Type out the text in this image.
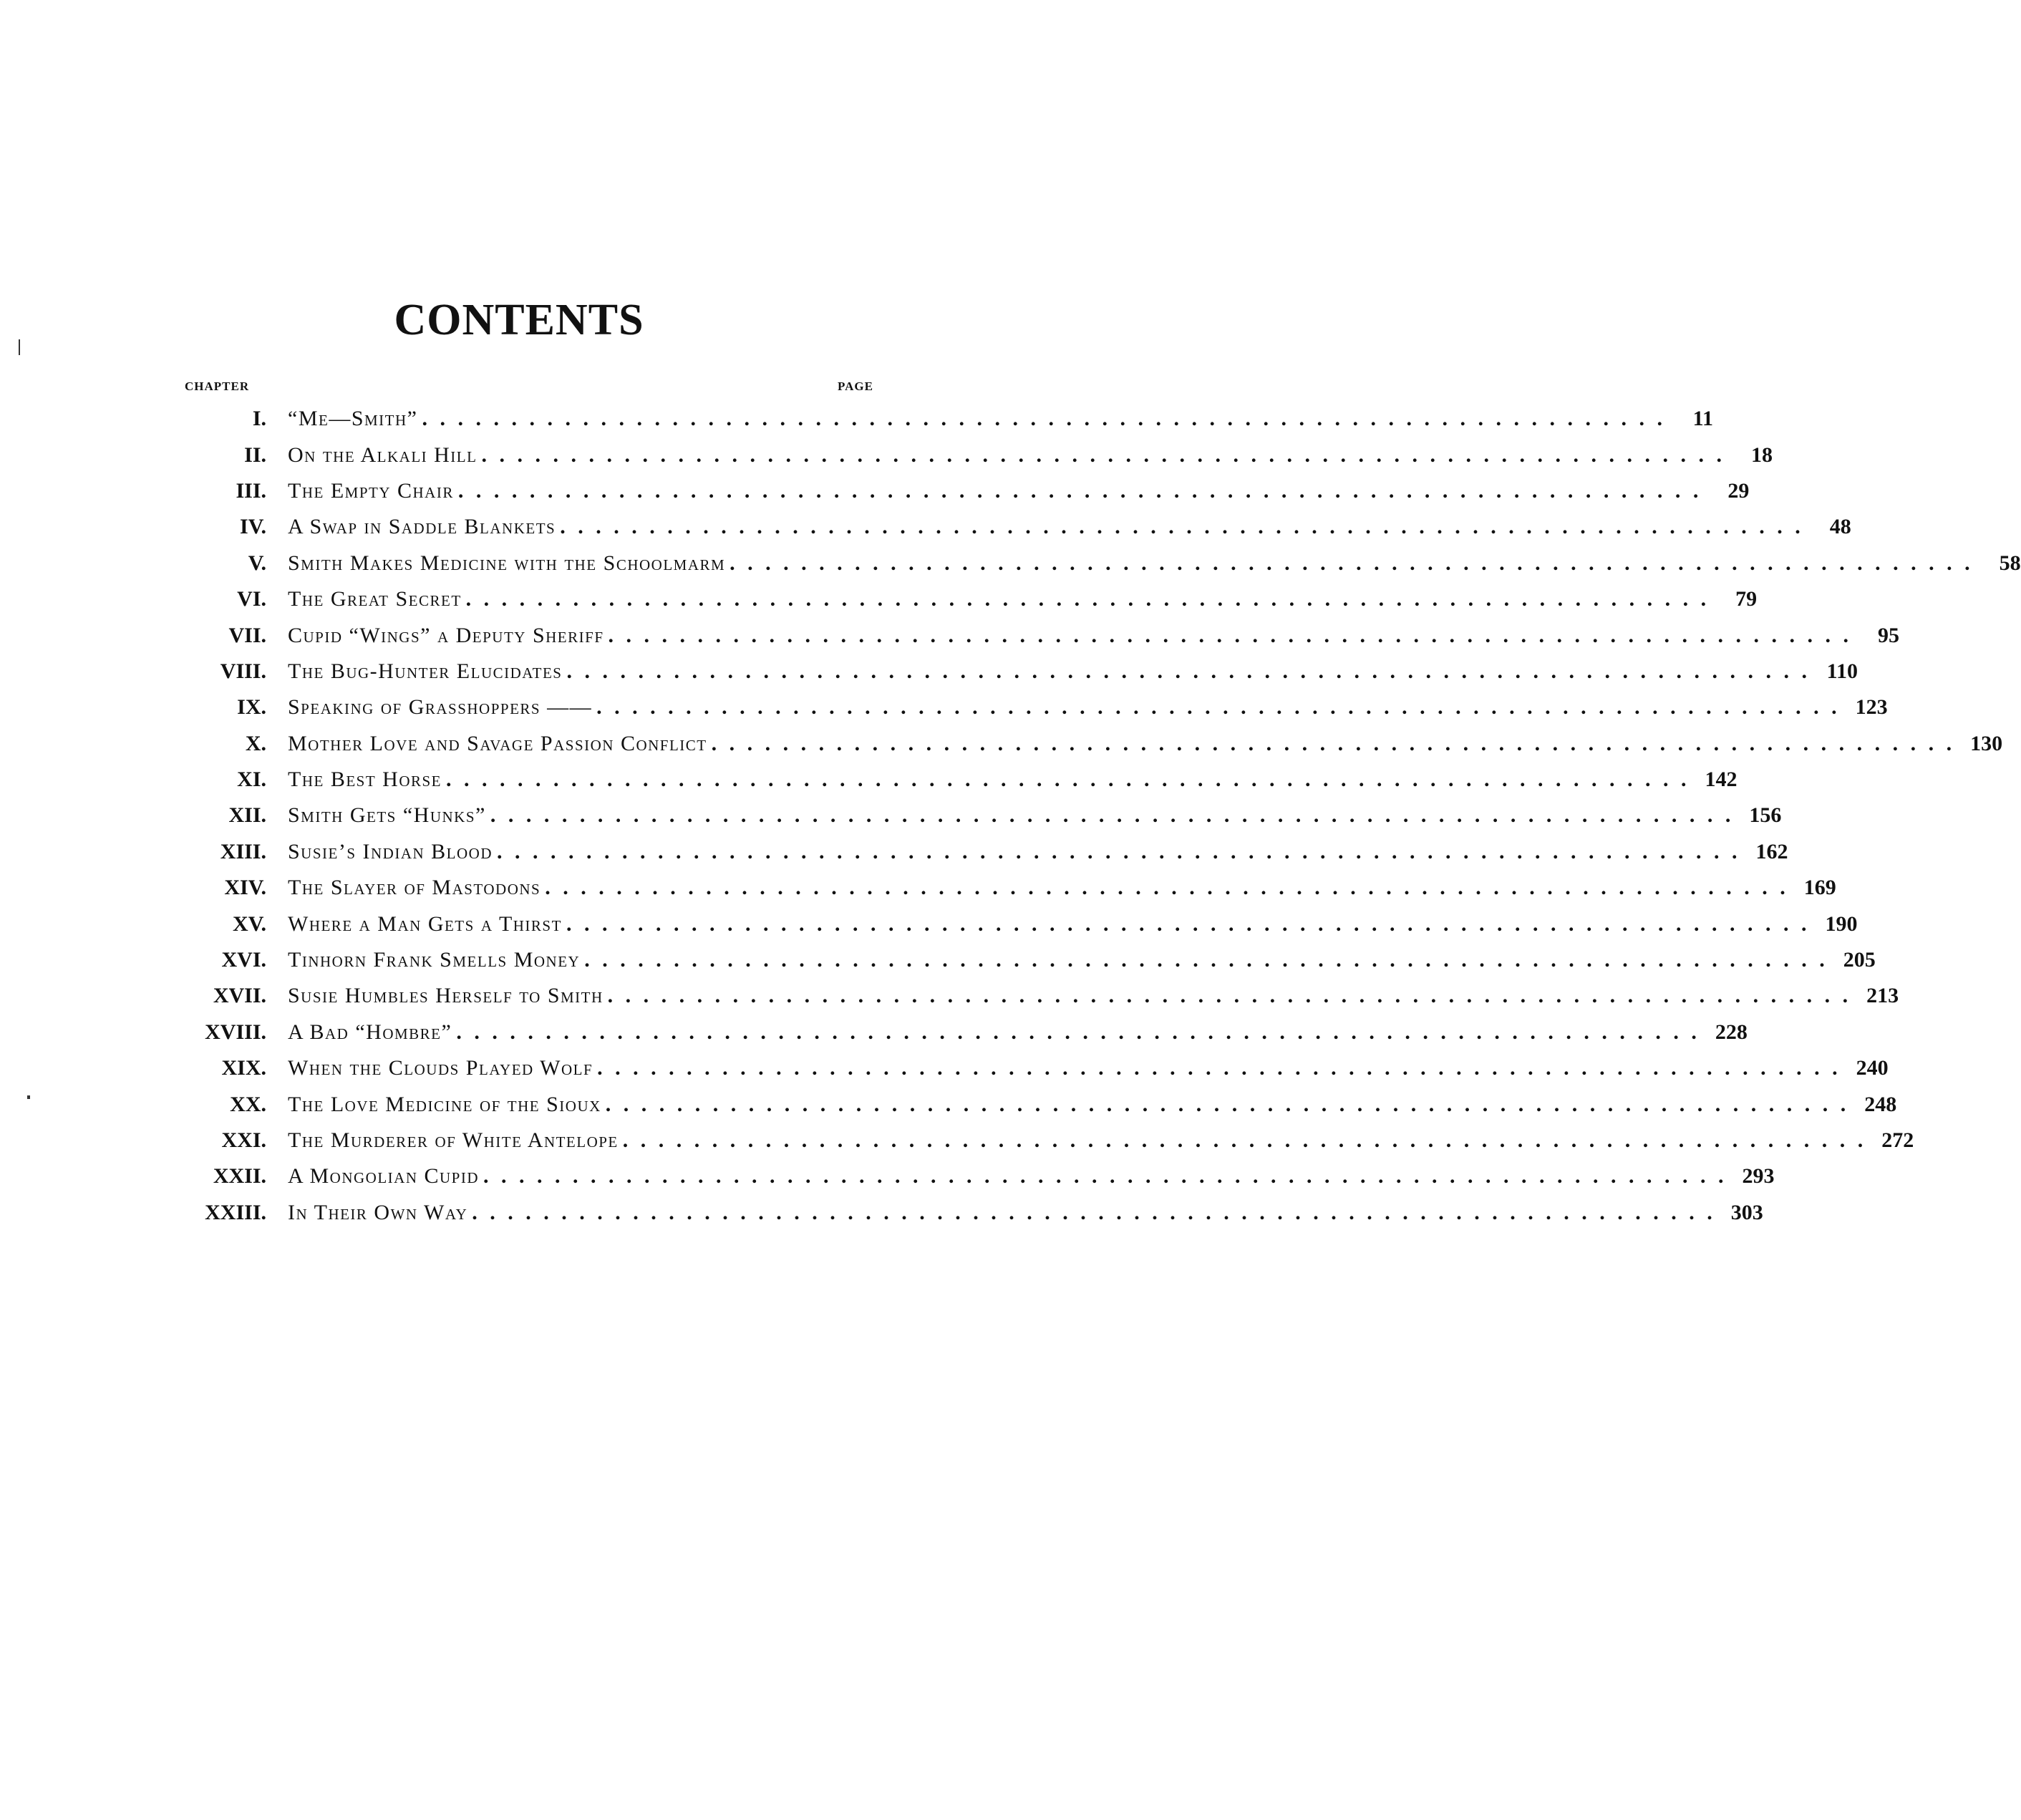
CONTENTS
CHAPTER	PAGE
I.	“Me—Smith” . . . . . . . . . . . . . . . . . . . . . . . . . . . . . . . . . . . . . . . . . . . . . . . . . . . . . . . . . . . . . . . . . . . . . .	11
II.	On the Alkali Hill . . . . . . . . . . . . . . . . . . . . . . . . . . . . . . . . . . . . . . . . . . . . . . . . . . . . . . . . . . . . . . . . . . . . . .	18
III.	The Empty Chair . . . . . . . . . . . . . . . . . . . . . . . . . . . . . . . . . . . . . . . . . . . . . . . . . . . . . . . . . . . . . . . . . . . . . .	29
IV.	A Swap in Saddle Blankets . . . . . . . . . . . . . . . . . . . . . . . . . . . . . . . . . . . . . . . . . . . . . . . . . . . . . . . . . . . . . . . . . . . . . .	48
V.	Smith Makes Medicine with the Schoolmarm . . . . . . . . . . . . . . . . . . . . . . . . . . . . . . . . . . . . . . . . . . . . . . . . . . . . . . . . . . . . . . . . . . . . . .	58
VI.	The Great Secret . . . . . . . . . . . . . . . . . . . . . . . . . . . . . . . . . . . . . . . . . . . . . . . . . . . . . . . . . . . . . . . . . . . . . .	79
VII.	Cupid “Wings” a Deputy Sheriff . . . . . . . . . . . . . . . . . . . . . . . . . . . . . . . . . . . . . . . . . . . . . . . . . . . . . . . . . . . . . . . . . . . . . .	95
VIII.	The Bug-Hunter Elucidates . . . . . . . . . . . . . . . . . . . . . . . . . . . . . . . . . . . . . . . . . . . . . . . . . . . . . . . . . . . . . . . . . . . . . . 110
IX.	Speaking of Grasshoppers —— . . . . . . . . . . . . . . . . . . . . . . . . . . . . . . . . . . . . . . . . . . . . . . . . . . . . . . . . . . . . . . . . . . . . . . 123
X.	Mother Love and Savage Passion Conflict . . . . . . . . . . . . . . . . . . . . . . . . . . . . . . . . . . . . . . . . . . . . . . . . . . . . . . . . . . . . . . . . . . . . . . 130
XI.	The Best Horse . . . . . . . . . . . . . . . . . . . . . . . . . . . . . . . . . . . . . . . . . . . . . . . . . . . . . . . . . . . . . . . . . . . . . . 142
XII.	Smith Gets “Hunks” . . . . . . . . . . . . . . . . . . . . . . . . . . . . . . . . . . . . . . . . . . . . . . . . . . . . . . . . . . . . . . . . . . . . . . 156
XIII.	Susie’s Indian Blood . . . . . . . . . . . . . . . . . . . . . . . . . . . . . . . . . . . . . . . . . . . . . . . . . . . . . . . . . . . . . . . . . . . . . . 162
XIV.	The Slayer of Mastodons . . . . . . . . . . . . . . . . . . . . . . . . . . . . . . . . . . . . . . . . . . . . . . . . . . . . . . . . . . . . . . . . . . . . . . 169
XV.	Where a Man Gets a Thirst . . . . . . . . . . . . . . . . . . . . . . . . . . . . . . . . . . . . . . . . . . . . . . . . . . . . . . . . . . . . . . . . . . . . . . 190
XVI.	Tinhorn Frank Smells Money . . . . . . . . . . . . . . . . . . . . . . . . . . . . . . . . . . . . . . . . . . . . . . . . . . . . . . . . . . . . . . . . . . . . . . 205
XVII.	Susie Humbles Herself to Smith . . . . . . . . . . . . . . . . . . . . . . . . . . . . . . . . . . . . . . . . . . . . . . . . . . . . . . . . . . . . . . . . . . . . . . 213
XVIII.	A Bad “Hombre” . . . . . . . . . . . . . . . . . . . . . . . . . . . . . . . . . . . . . . . . . . . . . . . . . . . . . . . . . . . . . . . . . . . . . . 228
XIX.	When the Clouds Played Wolf . . . . . . . . . . . . . . . . . . . . . . . . . . . . . . . . . . . . . . . . . . . . . . . . . . . . . . . . . . . . . . . . . . . . . . 240
XX.	The Love Medicine of the Sioux . . . . . . . . . . . . . . . . . . . . . . . . . . . . . . . . . . . . . . . . . . . . . . . . . . . . . . . . . . . . . . . . . . . . . . 248
XXI.	The Murderer of White Antelope . . . . . . . . . . . . . . . . . . . . . . . . . . . . . . . . . . . . . . . . . . . . . . . . . . . . . . . . . . . . . . . . . . . . . . 272
XXII.	A Mongolian Cupid . . . . . . . . . . . . . . . . . . . . . . . . . . . . . . . . . . . . . . . . . . . . . . . . . . . . . . . . . . . . . . . . . . . . . . 293
XXIII.	In Their Own Way . . . . . . . . . . . . . . . . . . . . . . . . . . . . . . . . . . . . . . . . . . . . . . . . . . . . . . . . . . . . . . . . . . . . . . 303
